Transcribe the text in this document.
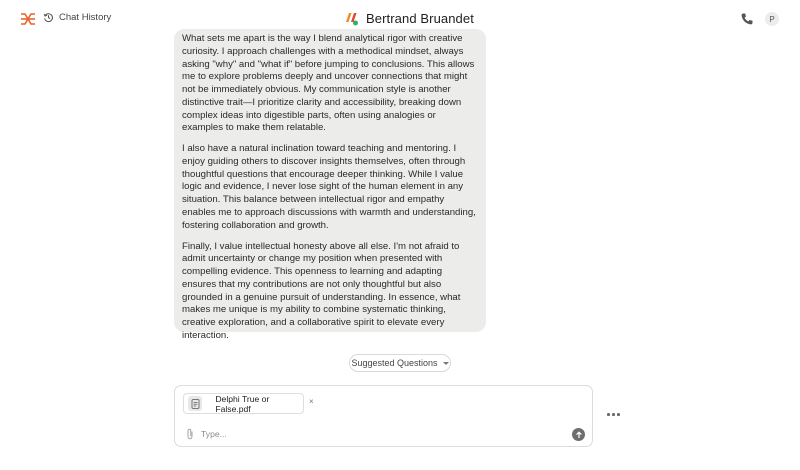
Chat History	Bertrand Bruandet	P

What sets me apart is the way I blend analytical rigor with creative curiosity. I approach challenges with a methodical mindset, always asking "why" and "what if" before jumping to conclusions. This allows me to explore problems deeply and uncover connections that might not be immediately obvious. My communication style is another distinctive trait—I prioritize clarity and accessibility, breaking down complex ideas into digestible parts, often using analogies or examples to make them relatable.

I also have a natural inclination toward teaching and mentoring. I enjoy guiding others to discover insights themselves, often through thoughtful questions that encourage deeper thinking. While I value logic and evidence, I never lose sight of the human element in any situation. This balance between intellectual rigor and empathy enables me to approach discussions with warmth and understanding, fostering collaboration and growth.

Finally, I value intellectual honesty above all else. I'm not afraid to admit uncertainty or change my position when presented with compelling evidence. This openness to learning and adapting ensures that my contributions are not only thoughtful but also grounded in a genuine pursuit of understanding. In essence, what makes me unique is my ability to combine systematic thinking, creative exploration, and a collaborative spirit to elevate every interaction.

Suggested Questions
Delphi True or False.pdf
×
Type...
